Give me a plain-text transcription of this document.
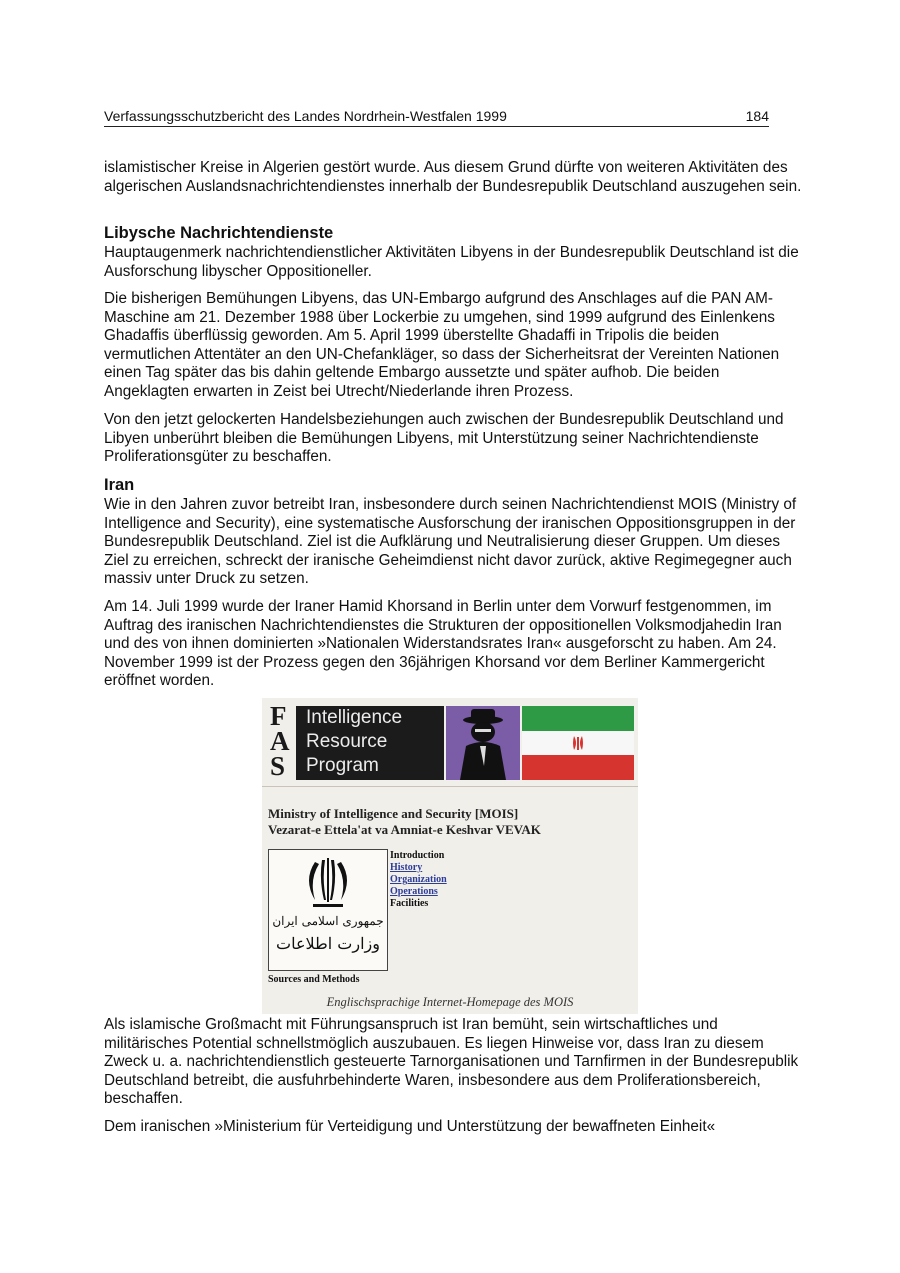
Verfassungsschutzbericht des Landes Nordrhein-Westfalen 1999	184

islamistischer Kreise in Algerien gestört wurde. Aus diesem Grund dürfte von weiteren Aktivitäten des algerischen Auslandsnachrichtendienstes innerhalb der Bundesrepublik Deutschland auszugehen sein.

Libysche Nachrichtendienste

Hauptaugenmerk nachrichtendienstlicher Aktivitäten Libyens in der Bundesrepublik Deutschland ist die Ausforschung libyscher Oppositioneller.

Die bisherigen Bemühungen Libyens, das UN-Embargo aufgrund des Anschlages auf die PAN AM-Maschine am 21. Dezember 1988 über Lockerbie zu umgehen, sind 1999 aufgrund des Einlenkens Ghadaffis überflüssig geworden. Am 5. April 1999 überstellte Ghadaffi in Tripolis die beiden vermutlichen Attentäter an den UN-Chefankläger, so dass der Sicherheitsrat der Vereinten Nationen einen Tag später das bis dahin geltende Embargo aussetzte und später aufhob. Die beiden Angeklagten erwarten in Zeist bei Utrecht/Niederlande ihren Prozess.

Von den jetzt gelockerten Handelsbeziehungen auch zwischen der Bundesrepublik Deutschland und Libyen unberührt bleiben die Bemühungen Libyens, mit Unterstützung seiner Nachrichtendienste Proliferationsgüter zu beschaffen.

Iran

Wie in den Jahren zuvor betreibt Iran, insbesondere durch seinen Nachrichtendienst MOIS (Ministry of Intelligence and Security), eine systematische Ausforschung der iranischen Oppositionsgruppen in der Bundesrepublik Deutschland. Ziel ist die Aufklärung und Neutralisierung dieser Gruppen. Um dieses Ziel zu erreichen, schreckt der iranische Geheimdienst nicht davor zurück, aktive Regimegegner auch massiv unter Druck zu setzen.

Am 14. Juli 1999 wurde der Iraner Hamid Khorsand in Berlin unter dem Vorwurf festgenommen, im Auftrag des iranischen Nachrichtendienstes die Strukturen der oppositionellen Volksmodjahedin Iran und des von ihnen dominierten »Nationalen Widerstandsrates Iran« ausgeforscht zu haben. Am 24. November 1999 ist der Prozess gegen den 36jährigen Khorsand vor dem Berliner Kammergericht eröffnet worden.

F
A
S
Intelligence
Resource
Program
Ministry of Intelligence and Security [MOIS]
Vezarat-e Ettela'at va Amniat-e Keshvar VEVAK
جمهوری اسلامی ایران
وزارت اطلاعات
Introduction
History
Organization
Operations
Facilities
Sources and Methods
Englischsprachige Internet-Homepage des MOIS

Als islamische Großmacht mit Führungsanspruch ist Iran bemüht, sein wirtschaftliches und militärisches Potential schnellstmöglich auszubauen. Es liegen Hinweise vor, dass Iran zu diesem Zweck u. a. nachrichtendienstlich gesteuerte Tarnorganisationen und Tarnfirmen in der Bundesrepublik Deutschland betreibt, die ausfuhrbehinderte Waren, insbesondere aus dem Proliferationsbereich, beschaffen.

Dem iranischen »Ministerium für Verteidigung und Unterstützung der bewaffneten Einheit«
